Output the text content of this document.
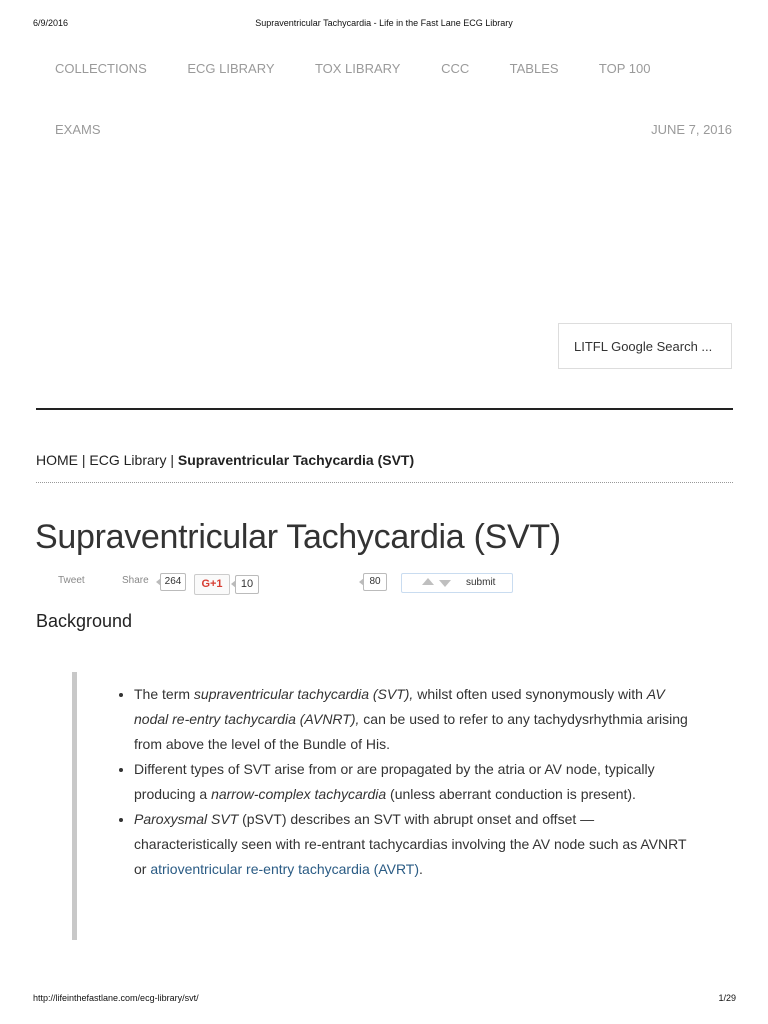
6/9/2016	Supraventricular Tachycardia - Life in the Fast Lane ECG Library
COLLECTIONS	ECG LIBRARY	TOX LIBRARY	CCC	TABLES	TOP 100
EXAMS	JUNE 7, 2016
LITFL Google Search ...
HOME | ECG Library | Supraventricular Tachycardia (SVT)
Supraventricular Tachycardia (SVT)
Tweet	Share	264	G+1	10	80	submit
Background
• The term supraventricular tachycardia (SVT), whilst often used synonymously with AV nodal re-entry tachycardia (AVNRT), can be used to refer to any tachydysrhythmia arising from above the level of the Bundle of His.
• Different types of SVT arise from or are propagated by the atria or AV node, typically producing a narrow-complex tachycardia (unless aberrant conduction is present).
• Paroxysmal SVT (pSVT) describes an SVT with abrupt onset and offset — characteristically seen with re-entrant tachycardias involving the AV node such as AVNRT or atrioventricular re-entry tachycardia (AVRT).
http://lifeinthefastlane.com/ecg-library/svt/	1/29
